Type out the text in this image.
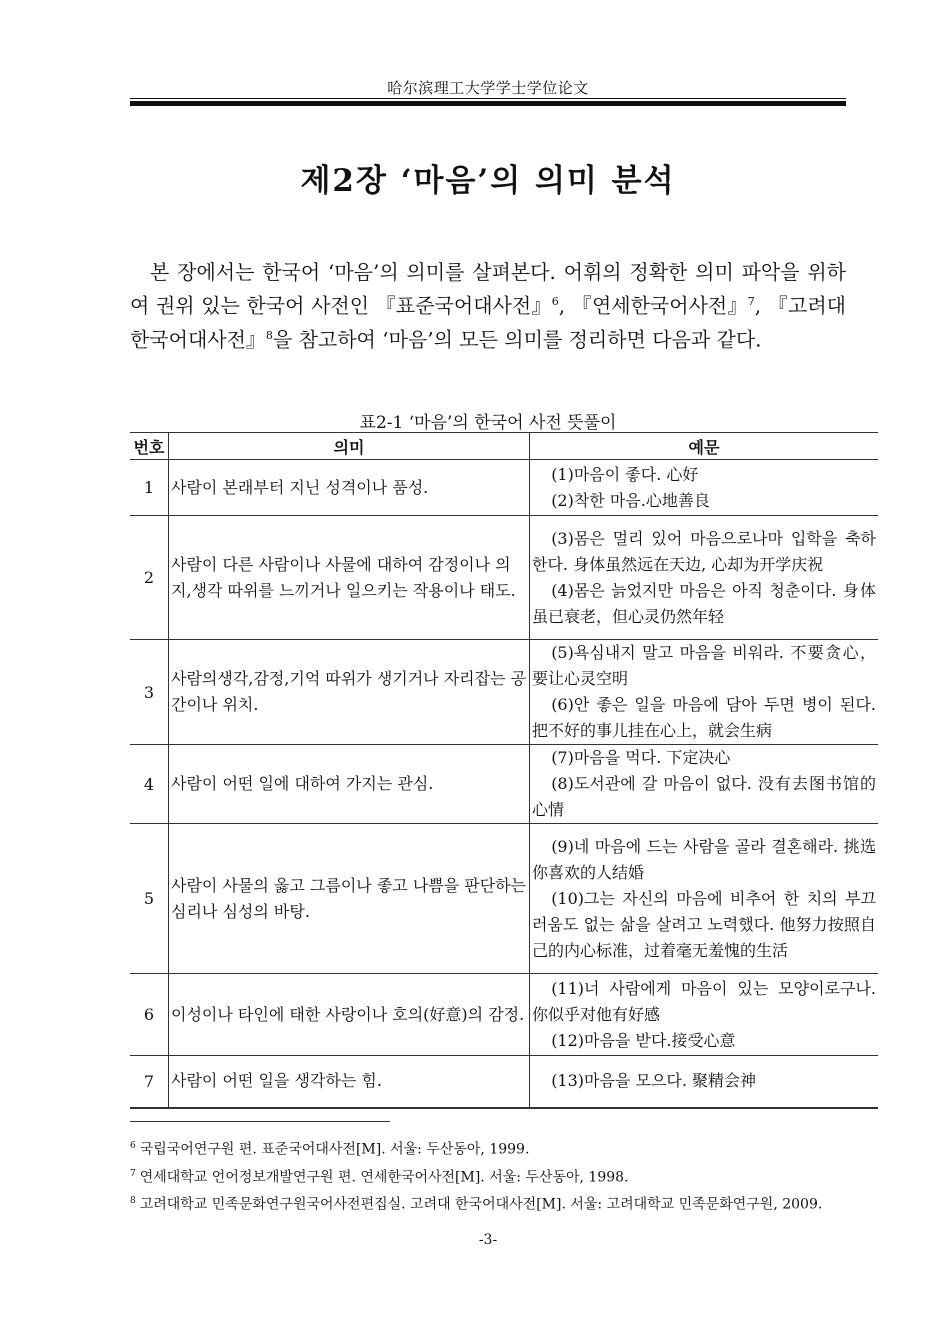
哈尔滨理工大学学士学位论文
제2장 ‘마음’의 의미 분석

본 장에서는 한국어 ‘마음’의 의미를 살펴본다. 어휘의 정확한 의미 파악을 위하여 권위 있는 한국어 사전인 『표준국어대사전』$^6$, 『연세한국어사전』$^7$, 『고려대 한국어대사전』$^8$을 참고하여 ‘마음’의 모든 의미를 정리하면 다음과 같다.

표2-1 ‘마음’의 한국어 사전 뜻풀이
번호	의미	예문
1	사람이 본래부터 지닌 성격이나 품성.	(1)마음이 좋다. 心好
(2)착한 마음.心地善良

2	사람이 다른 사람이나 사물에 대하여 감정이나 의지,생각 따위를 느끼거나 일으키는 작용이나 태도.	(3)몸은 멀리 있어 마음으로나마 입학을 축하한다. 身体虽然远在天边, 心却为开学庆祝
(4)몸은 늙었지만 마음은 아직 청춘이다. 身体虽已衰老，但心灵仍然年轻

3	사람의생각,감정,기억 따위가 생기거나 자리잡는 공간이나 위치.	(5)욕심내지 말고 마음을 비워라. 不要贪心，要让心灵空明
(6)안 좋은 일을 마음에 담아 두면 병이 된다. 把不好的事儿挂在心上，就会生病

4	사람이 어떤 일에 대하여 가지는 관심.	(7)마음을 먹다. 下定决心
(8)도서관에 갈 마음이 없다. 没有去图书馆的心情

5	사람이 사물의 옳고 그름이나 좋고 나쁨을 판단하는 심리나 심성의 바탕.	(9)네 마음에 드는 사람을 골라 결혼해라. 挑选你喜欢的人结婚
(10)그는 자신의 마음에 비추어 한 치의 부끄러움도 없는 삶을 살려고 노력했다. 他努力按照自己的内心标准，过着毫无羞愧的生活

6	이성이나 타인에 태한 사랑이나 호의(好意)의 감정.	(11)너 사람에게 마음이 있는 모양이로구나. 你似乎对他有好感
(12)마음을 받다.接受心意

7	사람이 어떤 일을 생각하는 힘.	(13)마음을 모으다. 聚精会神
$^6$ 국립국어연구원 편. 표준국어대사전[M]. 서울: 두산동아, 1999.
$^7$ 연세대학교 언어정보개발연구원 편. 연세한국어사전[M]. 서울: 두산동아, 1998.
$^8$ 고려대학교 민족문화연구원국어사전편집실. 고려대 한국어대사전[M]. 서울: 고려대학교 민족문화연구원, 2009.
-3-
